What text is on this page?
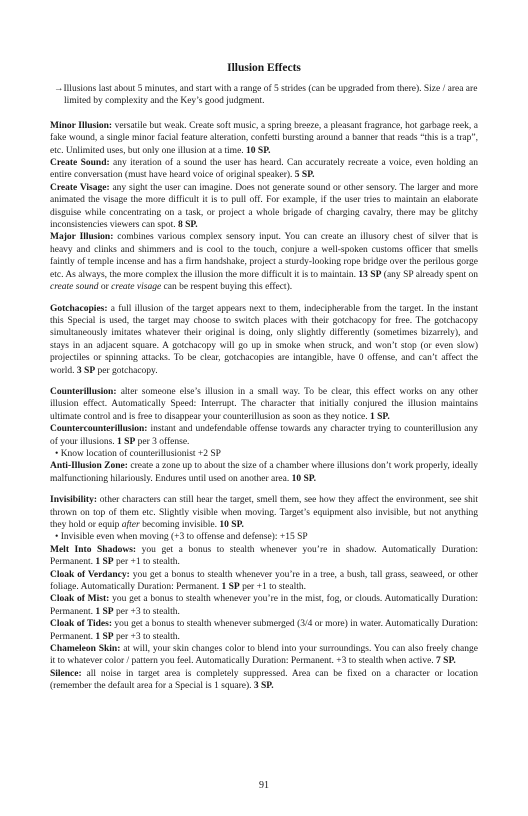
Illusion Effects

→Illusions last about 5 minutes, and start with a range of 5 strides (can be upgraded from there). Size / area are limited by complexity and the Key’s good judgment.

Minor Illusion: versatile but weak. Create soft music, a spring breeze, a pleasant fragrance, hot garbage reek, a fake wound, a single minor facial feature alteration, confetti bursting around a banner that reads “this is a trap”, etc. Unlimited uses, but only one illusion at a time. 10 SP.

Create Sound: any iteration of a sound the user has heard. Can accurately recreate a voice, even holding an entire conversation (must have heard voice of original speaker). 5 SP.

Create Visage: any sight the user can imagine. Does not generate sound or other sensory. The larger and more animated the visage the more difficult it is to pull off. For example, if the user tries to maintain an elaborate disguise while concentrating on a task, or project a whole brigade of charging cavalry, there may be glitchy inconsistencies viewers can spot. 8 SP.

Major Illusion: combines various complex sensory input. You can create an illusory chest of silver that is heavy and clinks and shimmers and is cool to the touch, conjure a well-spoken customs officer that smells faintly of temple incense and has a firm handshake, project a sturdy-looking rope bridge over the perilous gorge etc. As always, the more complex the illusion the more difficult it is to maintain. 13 SP (any SP already spent on create sound or create visage can be respent buying this effect).

Gotchacopies: a full illusion of the target appears next to them, indecipherable from the target. In the instant this Special is used, the target may choose to switch places with their gotchacopy for free. The gotchacopy simultaneously imitates whatever their original is doing, only slightly differently (sometimes bizarrely), and stays in an adjacent square. A gotchacopy will go up in smoke when struck, and won’t stop (or even slow) projectiles or spinning attacks. To be clear, gotchacopies are intangible, have 0 offense, and can’t affect the world. 3 SP per gotchacopy.

Counterillusion: alter someone else’s illusion in a small way. To be clear, this effect works on any other illusion effect. Automatically Speed: Interrupt. The character that initially conjured the illusion maintains ultimate control and is free to disappear your counterillusion as soon as they notice. 1 SP.

Countercounterillusion: instant and undefendable offense towards any character trying to counterillusion any of your illusions. 1 SP per 3 offense.

• Know location of counterillusionist +2 SP

Anti-Illusion Zone: create a zone up to about the size of a chamber where illusions don’t work properly, ideally malfunctioning hilariously. Endures until used on another area. 10 SP.

Invisibility: other characters can still hear the target, smell them, see how they affect the environment, see shit thrown on top of them etc. Slightly visible when moving. Target’s equipment also invisible, but not anything they hold or equip after becoming invisible. 10 SP.

• Invisible even when moving (+3 to offense and defense): +15 SP

Melt Into Shadows: you get a bonus to stealth whenever you’re in shadow. Automatically Duration: Permanent. 1 SP per +1 to stealth.

Cloak of Verdancy: you get a bonus to stealth whenever you’re in a tree, a bush, tall grass, seaweed, or other foliage. Automatically Duration: Permanent. 1 SP per +1 to stealth.

Cloak of Mist: you get a bonus to stealth whenever you’re in the mist, fog, or clouds. Automatically Duration: Permanent. 1 SP per +3 to stealth.

Cloak of Tides: you get a bonus to stealth whenever submerged (3/4 or more) in water. Automatically Duration: Permanent. 1 SP per +3 to stealth.

Chameleon Skin: at will, your skin changes color to blend into your surroundings. You can also freely change it to whatever color / pattern you feel. Automatically Duration: Permanent. +3 to stealth when active. 7 SP.

Silence: all noise in target area is completely suppressed. Area can be fixed on a character or location (remember the default area for a Special is 1 square). 3 SP.

91
